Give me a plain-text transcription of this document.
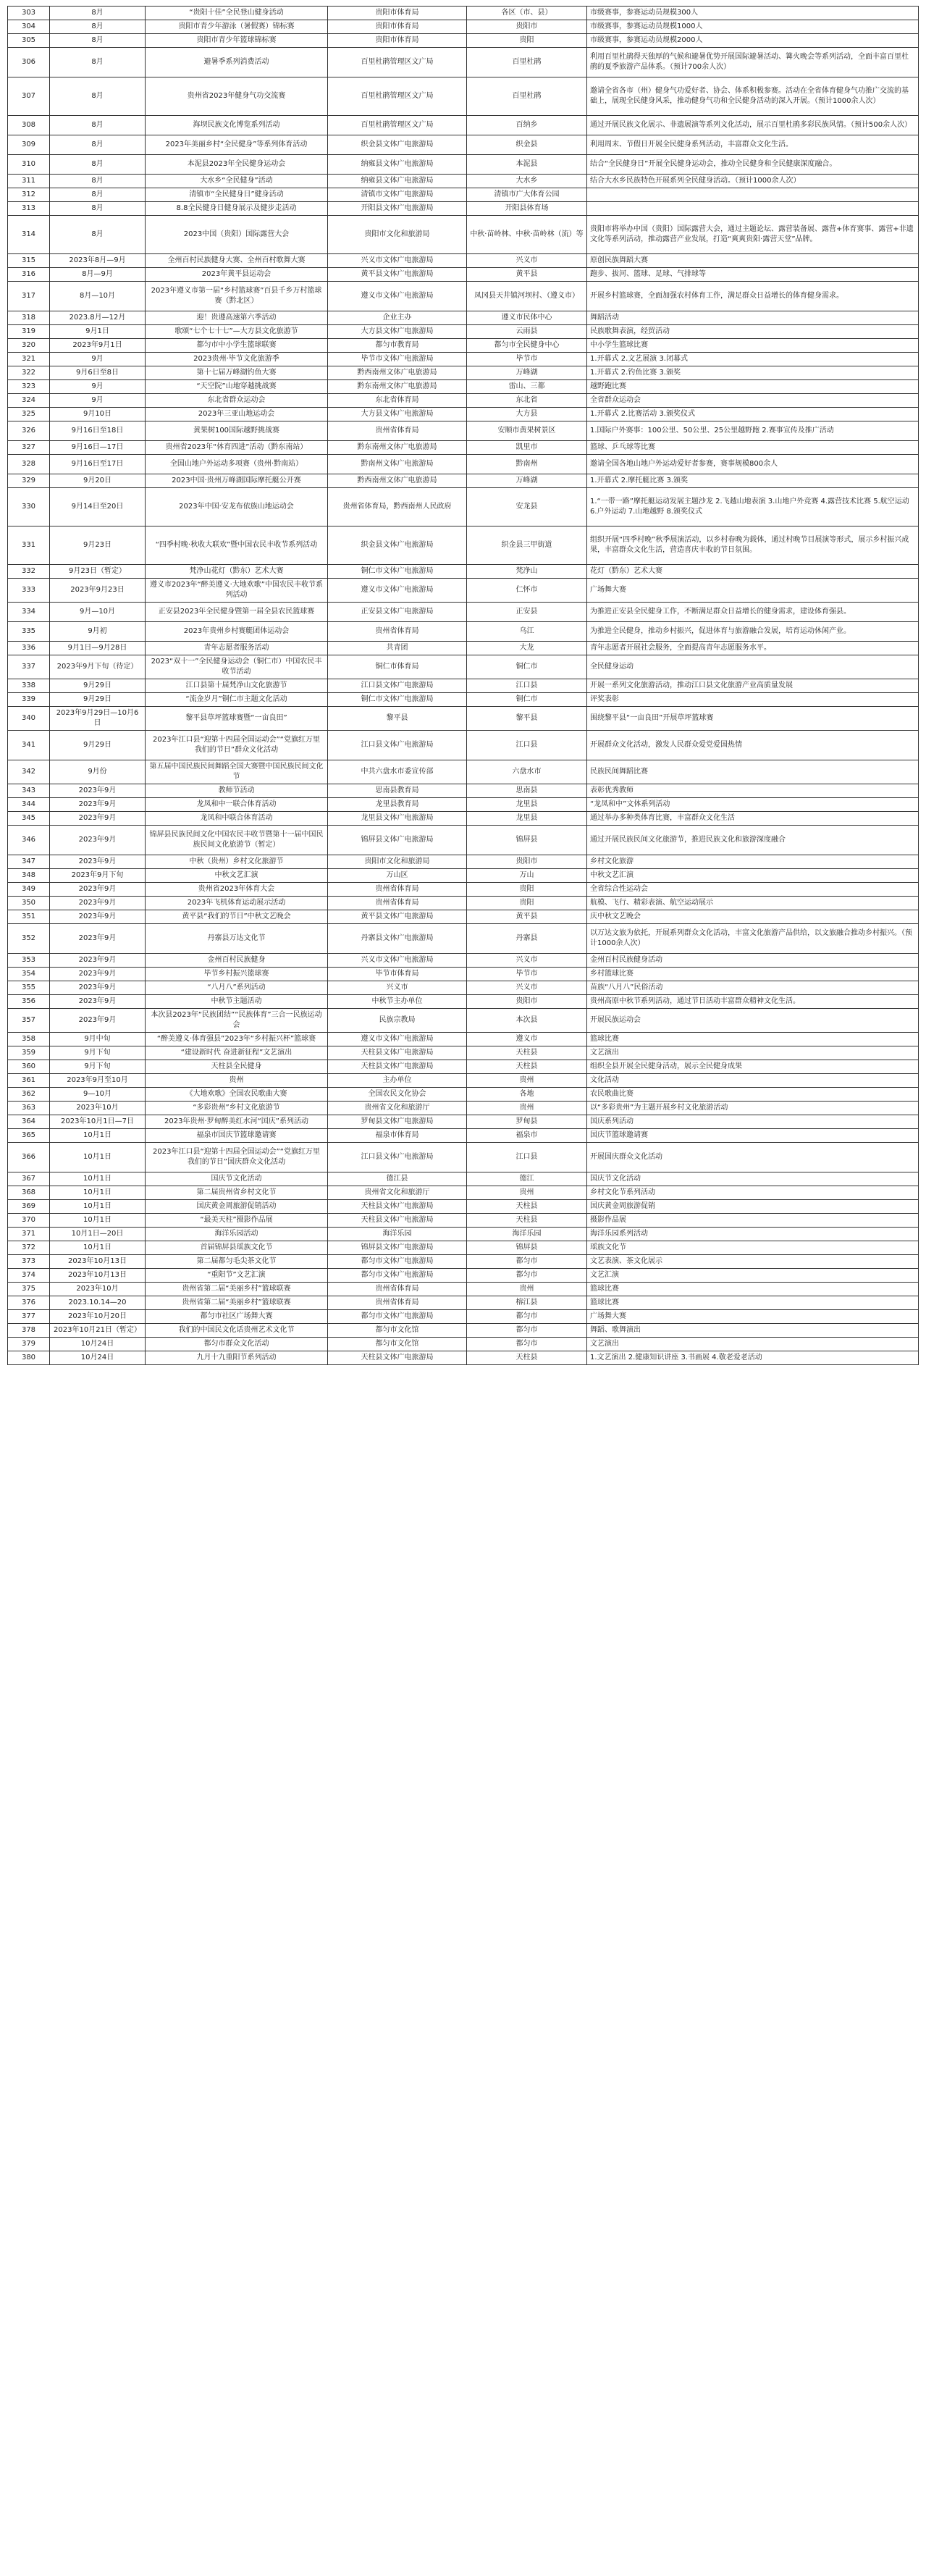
303	8月	“贵阳十佳”全民登山健身活动	贵阳市体育局	各区（市、县）	市级赛事，参赛运动员规模300人
304	8月	贵阳市青少年游泳（暑假赛）锦标赛	贵阳市体育局	贵阳市	市级赛事，参赛运动员规模1000人
305	8月	贵阳市青少年篮球锦标赛	贵阳市体育局	贵阳	市级赛事，参赛运动员规模2000人
306	8月	避暑季系列消费活动	百里杜鹃管理区文广局	百里杜鹃	利用百里杜鹃得天独厚的气候和避暑优势开展国际避暑活动、篝火晚会等系列活动，全面丰富百里杜鹃的夏季旅游产品体系。（预计700余人次）
307	8月	贵州省2023年健身气功交流赛	百里杜鹃管理区文广局	百里杜鹃	邀请全省各市（州）健身气功爱好者、协会、体系积极参赛。活动在全省体育健身气功推广交流的基础上，展现全民健身风采，推动健身气功和全民健身活动的深入开展。（预计1000余人次）
308	8月	海坝民族文化博览系列活动	百里杜鹃管理区文广局	百纳乡	通过开展民族文化展示、非遗展演等系列文化活动，展示百里杜鹃多彩民族风情。（预计500余人次）
309	8月	2023年美丽乡村“全民健身”等系列体育活动	织金县文体广电旅游局	织金县	利用周末、节假日开展全民健身系列活动，丰富群众文化生活。
310	8月	本泥县2023年全民健身运动会	纳雍县文体广电旅游局	本泥县	结合“全民健身日”开展全民健身运动会，推动全民健身和全民健康深度融合。
311	8月	大水乡“全民健身”活动	纳雍县文体广电旅游局	大水乡	结合大水乡民族特色开展系列全民健身活动。（预计1000余人次）
312	8月	清镇市“全民健身日”健身活动	清镇市文体广电旅游局	清镇市广大体育公园	
313	8月	8.8全民健身日健身展示及健步走活动	开阳县文体广电旅游局	开阳县体育场	
314	8月	2023中国（贵阳）国际露营大会	贵阳市文化和旅游局	中秋·苗岭林、中秋·苗岭林（流）等	贵阳市将举办中国（贵阳）国际露营大会，通过主题论坛、露营装备展、露营+体育赛事、露营+非遗文化等系列活动，推动露营产业发展，打造“爽爽贵阳·露营天堂”品牌。
315	2023年8月—9月	全州百村民族健身大赛、全州百村歌舞大赛	兴义市文体广电旅游局	兴义市	原创民族舞蹈大赛
316	8月—9月	2023年黄平县运动会	黄平县文体广电旅游局	黄平县	跑步、拔河、篮球、足球、气排球等
317	8月—10月	2023年遵义市第一届“乡村篮球赛”百县千乡万村篮球赛（黔北区）	遵义市文体广电旅游局	凤冈县天井镇河坝村、（遵义市）	开展乡村篮球赛，全面加强农村体育工作，满足群众日益增长的体育健身需求。
318	2023.8月—12月	迎！贵遵高速第六季活动	企业主办	遵义市民体中心	舞蹈活动
319	9月1日	歌颂“七个七十七”—大方县文化旅游节	大方县文体广电旅游局	云雨县	民族歌舞表演，经贸活动
320	2023年9月1日	都匀市中小学生篮球联赛	都匀市教育局	都匀市全民健身中心	中小学生篮球比赛
321	9月	2023贵州·毕节文化旅游季	毕节市文体广电旅游局	毕节市	1.开幕式 2.文艺展演 3.闭幕式
322	9月6日至8日	第十七届万峰湖钓鱼大赛	黔西南州文体广电旅游局	万峰湖	1.开幕式 2.钓鱼比赛 3.颁奖
323	9月	“天空院”山地穿越挑战赛	黔东南州文体广电旅游局	雷山、三都	越野跑比赛
324	9月	东北省群众运动会	东北省体育局	东北省	全省群众运动会
325	9月10日	2023年三亚山地运动会	大方县文体广电旅游局	大方县	1.开幕式 2.比赛活动 3.颁奖仪式
326	9月16日至18日	黄果树100国际越野挑战赛	贵州省体育局	安顺市黄果树景区	1.国际户外赛事：100公里、50公里、25公里越野跑 2.赛事宣传及推广活动
327	9月16日—17日	贵州省2023年“体育四进”活动（黔东南站）	黔东南州文体广电旅游局	凯里市	篮球、乒乓球等比赛
328	9月16日至17日	全国山地户外运动多项赛（贵州·黔南站）	黔南州文体广电旅游局	黔南州	邀请全国各地山地户外运动爱好者参赛，赛事规模800余人
329	9月20日	2023中国·贵州万峰湖国际摩托艇公开赛	黔西南州文体广电旅游局	万峰湖	1.开幕式 2.摩托艇比赛 3.颁奖
330	9月14日至20日	2023年中国·安龙布依族山地运动会	贵州省体育局，黔西南州人民政府	安龙县	1.“一带一路”摩托艇运动发展主题沙龙 2.飞越山地表演 3.山地户外竞赛 4.露营技术比赛 5.航空运动 6.户外运动 7.山地越野 8.颁奖仪式
331	9月23日	“四季村晚·秋收大联欢”暨中国农民丰收节系列活动	织金县文体广电旅游局	织金县三甲街道	组织开展“四季村晚”秋季展演活动，以乡村春晚为载体，通过村晚节目展演等形式，展示乡村振兴成果，丰富群众文化生活，营造喜庆丰收的节日氛围。
332	9月23日（暂定）	梵净山花灯（黔东）艺术大赛	铜仁市文体广电旅游局	梵净山	花灯（黔东）艺术大赛
333	2023年9月23日	遵义市2023年“醉美遵义·大地欢歌”中国农民丰收节系列活动	遵义市文体广电旅游局	仁怀市	广场舞大赛
334	9月—10月	正安县2023年全民健身暨第一届全县农民篮球赛	正安县文体广电旅游局	正安县	为推进正安县全民健身工作，不断满足群众日益增长的健身需求，建设体育强县。
335	9月初	2023年贵州乡村赛艇团体运动会	贵州省体育局	乌江	为推进全民健身，推动乡村振兴，促进体育与旅游融合发展，培育运动休闲产业。
336	9月1日—9月28日	青年志愿者服务活动	共青团	大龙	青年志愿者开展社会服务，全面提高青年志愿服务水平。
337	2023年9月下旬（待定）	2023“双十一”全民健身运动会（铜仁市）中国农民丰收节活动	铜仁市体育局	铜仁市	全民健身运动
338	9月29日	江口县第十届梵净山文化旅游节	江口县文体广电旅游局	江口县	开展一系列文化旅游活动，推动江口县文化旅游产业高质量发展
339	9月29日	“流金岁月”铜仁市主题文化活动	铜仁市文体广电旅游局	铜仁市	评奖表彰
340	2023年9月29日—10月6日	黎平县草坪篮球赛暨“一亩良田”	黎平县	黎平县	围绕黎平县“一亩良田”开展草坪篮球赛
341	9月29日	2023年江口县“迎第十四届全国运动会”“党旗红万里 我们的节日”群众文化活动	江口县文体广电旅游局	江口县	开展群众文化活动，激发人民群众爱党爱国热情
342	9月份	第五届中国民族民间舞蹈全国大赛暨中国民族民间文化节	中共六盘水市委宣传部	六盘水市	民族民间舞蹈比赛
343	2023年9月	教师节活动	思南县教育局	思南县	表彰优秀教师
344	2023年9月	龙凤和中一联合体育活动	龙里县教育局	龙里县	“龙凤和中”文体系列活动
345	2023年9月	龙凤和中联合体育活动	龙里县文体广电旅游局	龙里县	通过举办多种类体育比赛，丰富群众文化生活
346	2023年9月	锦屏县民族民间文化中国农民丰收节暨第十一届中国民族民间文化旅游节（暂定）	锦屏县文体广电旅游局	锦屏县	通过开展民族民间文化旅游节，推进民族文化和旅游深度融合
347	2023年9月	中秋（贵州）乡村文化旅游节	贵阳市文化和旅游局	贵阳市	乡村文化旅游
348	2023年9月下旬	中秋文艺汇演	万山区	万山	中秋文艺汇演
349	2023年9月	贵州省2023年体育大会	贵州省体育局	贵阳	全省综合性运动会
350	2023年9月	2023年飞机体育运动展示活动	贵州省体育局	贵阳	航模、飞行、精彩表演、航空运动展示
351	2023年9月	黄平县“我们的节日”中秋文艺晚会	黄平县文体广电旅游局	黄平县	庆中秋文艺晚会
352	2023年9月	丹寨县万达文化节	丹寨县文体广电旅游局	丹寨县	以万达文旅为依托，开展系列群众文化活动，丰富文化旅游产品供给，以文旅融合推动乡村振兴。（预计1000余人次）
353	2023年9月	金州百村民族健身	兴义市文体广电旅游局	兴义市	金州百村民族健身活动
354	2023年9月	毕节乡村振兴篮球赛	毕节市体育局	毕节市	乡村篮球比赛
355	2023年9月	“八月八”系列活动	兴义市	兴义市	苗族“八月八”民俗活动
356	2023年9月	中秋节主题活动	中秋节主办单位	贵阳市	贵州高原中秋节系列活动，通过节日活动丰富群众精神文化生活。
357	2023年9月	本次县2023年“民族团结”“民族体育”三合一民族运动会	民族宗教局	本次县	开展民族运动会
358	9月中旬	“醉美遵义·体育强县”2023年“乡村振兴杯”篮球赛	遵义市文体广电旅游局	遵义市	篮球比赛
359	9月下旬	“建设新时代 奋进新征程”文艺演出	天柱县文体广电旅游局	天柱县	文艺演出
360	9月下旬	天柱县全民健身	天柱县文体广电旅游局	天柱县	组织全县开展全民健身活动，展示全民健身成果
361	2023年9月至10月	贵州	主办单位	贵州	文化活动
362	9—10月	《大地欢歌》全国农民歌曲大赛	全国农民文化协会	各地	农民歌曲比赛
363	2023年10月	“多彩贵州”乡村文化旅游节	贵州省文化和旅游厅	贵州	以“多彩贵州”为主题开展乡村文化旅游活动
364	2023年10月1日—7日	2023年贵州·罗甸醉美红水河“国庆”系列活动	罗甸县文体广电旅游局	罗甸县	国庆系列活动
365	10月1日	福泉市国庆节篮球邀请赛	福泉市体育局	福泉市	国庆节篮球邀请赛
366	10月1日	2023年江口县“迎第十四届全国运动会”“党旗红万里 我们的节日”国庆群众文化活动	江口县文体广电旅游局	江口县	开展国庆群众文化活动
367	10月1日	国庆节文化活动	德江县	德江	国庆节文化活动
368	10月1日	第二届贵州省乡村文化节	贵州省文化和旅游厅	贵州	乡村文化节系列活动
369	10月1日	国庆黄金周旅游促销活动	天柱县文体广电旅游局	天柱县	国庆黄金周旅游促销
370	10月1日	“最美天柱”摄影作品展	天柱县文体广电旅游局	天柱县	摄影作品展
371	10月1日—20日	海洋乐园活动	海洋乐园	海洋乐园	海洋乐园系列活动
372	10月1日	首届锦屏县瑶族文化节	锦屏县文体广电旅游局	锦屏县	瑶族文化节
373	2023年10月13日	第二届都匀毛尖茶文化节	都匀市文体广电旅游局	都匀市	文艺表演、茶文化展示
374	2023年10月13日	“重阳节”文艺汇演	都匀市文体广电旅游局	都匀市	文艺汇演
375	2023年10月	贵州省第二届“美丽乡村”篮球联赛	贵州省体育局	贵州	篮球比赛
376	2023.10.14—20	贵州省第二届“美丽乡村”篮球联赛	贵州省体育局	榕江县	篮球比赛
377	2023年10月20日	都匀市社区广场舞大赛	都匀市文体广电旅游局	都匀市	广场舞大赛
378	2023年10月21日（暂定）	我们的中国民文化话贵州艺术文化节	都匀市文化馆	都匀市	舞蹈、歌舞演出
379	10月24日	都匀市群众文化活动	都匀市文化馆	都匀市	文艺演出
380	10月24日	九月十九重阳节系列活动	天柱县文体广电旅游局	天柱县	1.文艺演出 2.健康知识讲座 3.书画展 4.敬老爱老活动
